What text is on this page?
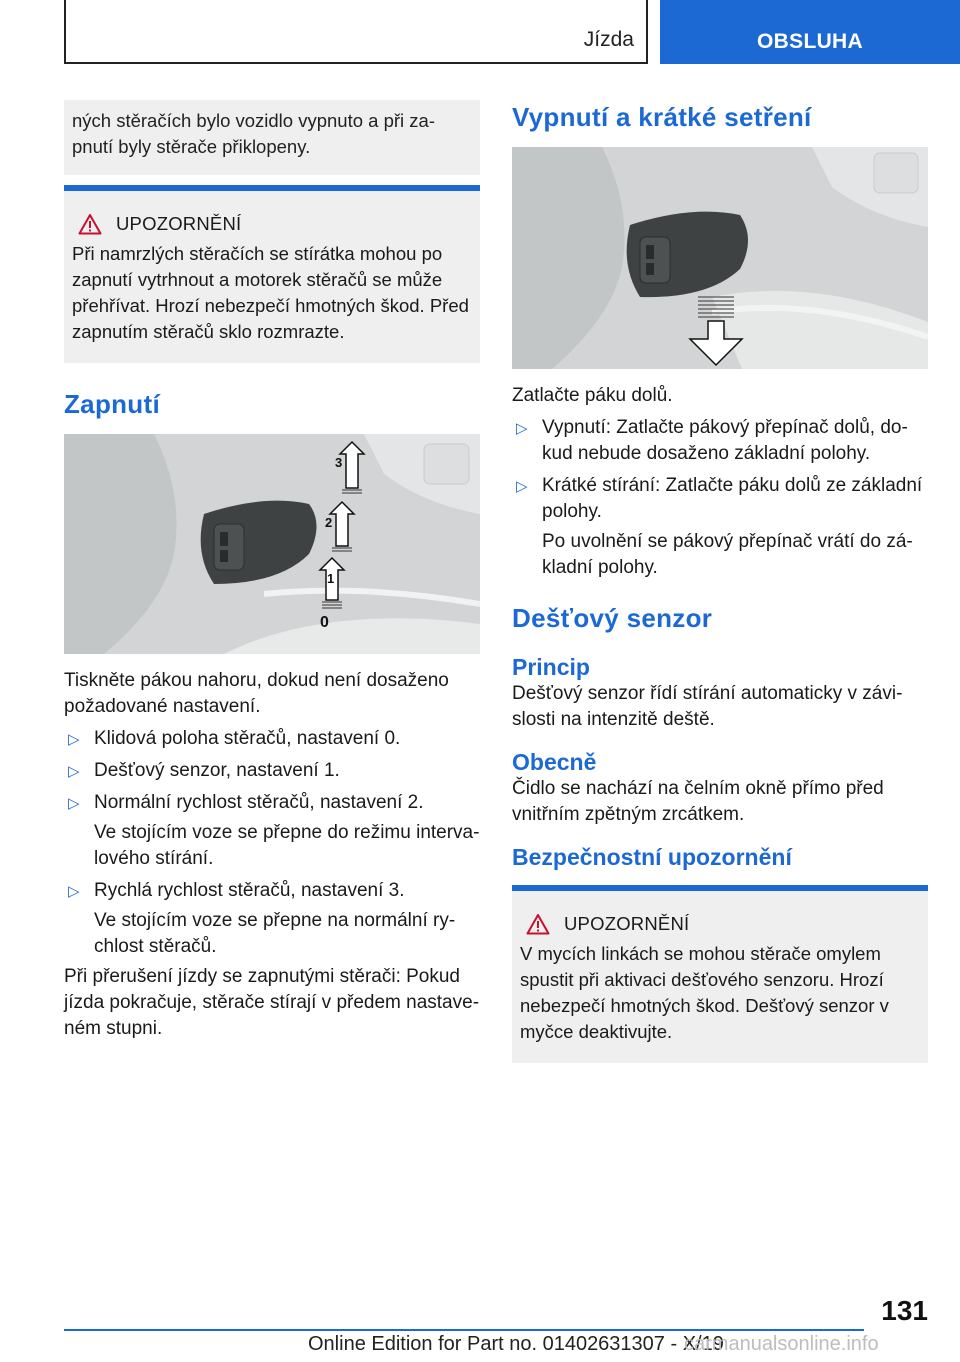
Jízda	OBSLUHA

ných stěračích bylo vozidlo vypnuto a při za-
pnutí byly stěrače přiklopeny.

UPOZORNĚNÍ

Při namrzlých stěračích se stírátka mohou po zapnutí vytrhnout a motorek stěračů se může přehřívat. Hrozí nebezpečí hmotných škod. Před zapnutím stěračů sklo rozmrazte.

Zapnutí
3
2
1
0

Tiskněte pákou nahoru, dokud není dosaženo požadované nastavení.

▷ Klidová poloha stěračů, nastavení 0.
▷ Dešťový senzor, nastavení 1.
▷ Normální rychlost stěračů, nastavení 2.

Ve stojícím voze se přepne do režimu interva-lového stírání.

▷ Rychlá rychlost stěračů, nastavení 3.

Ve stojícím voze se přepne na normální ry-chlost stěračů.

Při přerušení jízdy se zapnutými stěrači: Pokud jízda pokračuje, stěrače stírají v předem nastave-ném stupni.

Vypnutí a krátké setření

Zatlačte páku dolů.

▷ Vypnutí: Zatlačte pákový přepínač dolů, do-kud nebude dosaženo základní polohy.
▷ Krátké stírání: Zatlačte páku dolů ze základní polohy.

Po uvolnění se pákový přepínač vrátí do zá-kladní polohy.

Dešťový senzor
Princip

Dešťový senzor řídí stírání automaticky v závi-slosti na intenzitě deště.

Obecně

Čidlo se nachází na čelním okně přímo před vnitřním zpětným zrcátkem.

Bezpečnostní upozornění
UPOZORNĚNÍ

V mycích linkách se mohou stěrače omylem spustit při aktivaci dešťového senzoru. Hrozí nebezpečí hmotných škod. Dešťový senzor v myčce deaktivujte.

131
Online Edition for Part no. 01402631307 - X/19
carmanualsonline.info
